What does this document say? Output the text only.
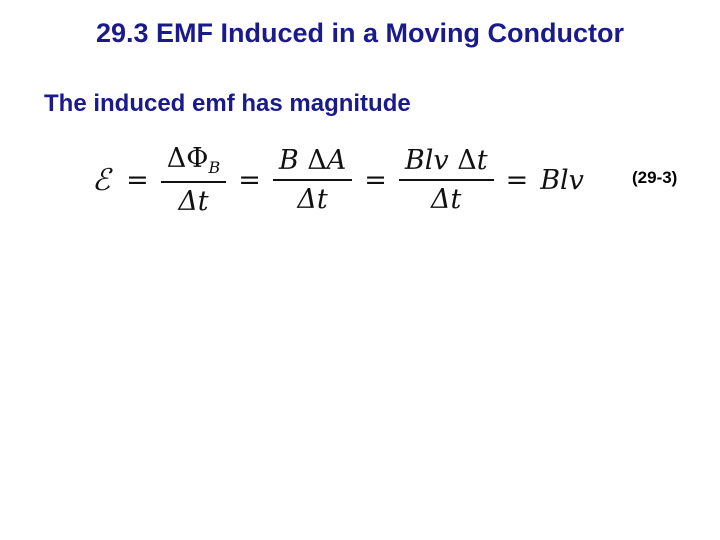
29.3 EMF Induced in a Moving Conductor
The induced emf has magnitude
ℰ = $\frac{\Delta\Phi_B}{\Delta t} = \frac{\text{B ΔA}}{\Delta t} = \frac{\text{Blv Δt}}{\Delta t}$ = Blv	(29-3)
